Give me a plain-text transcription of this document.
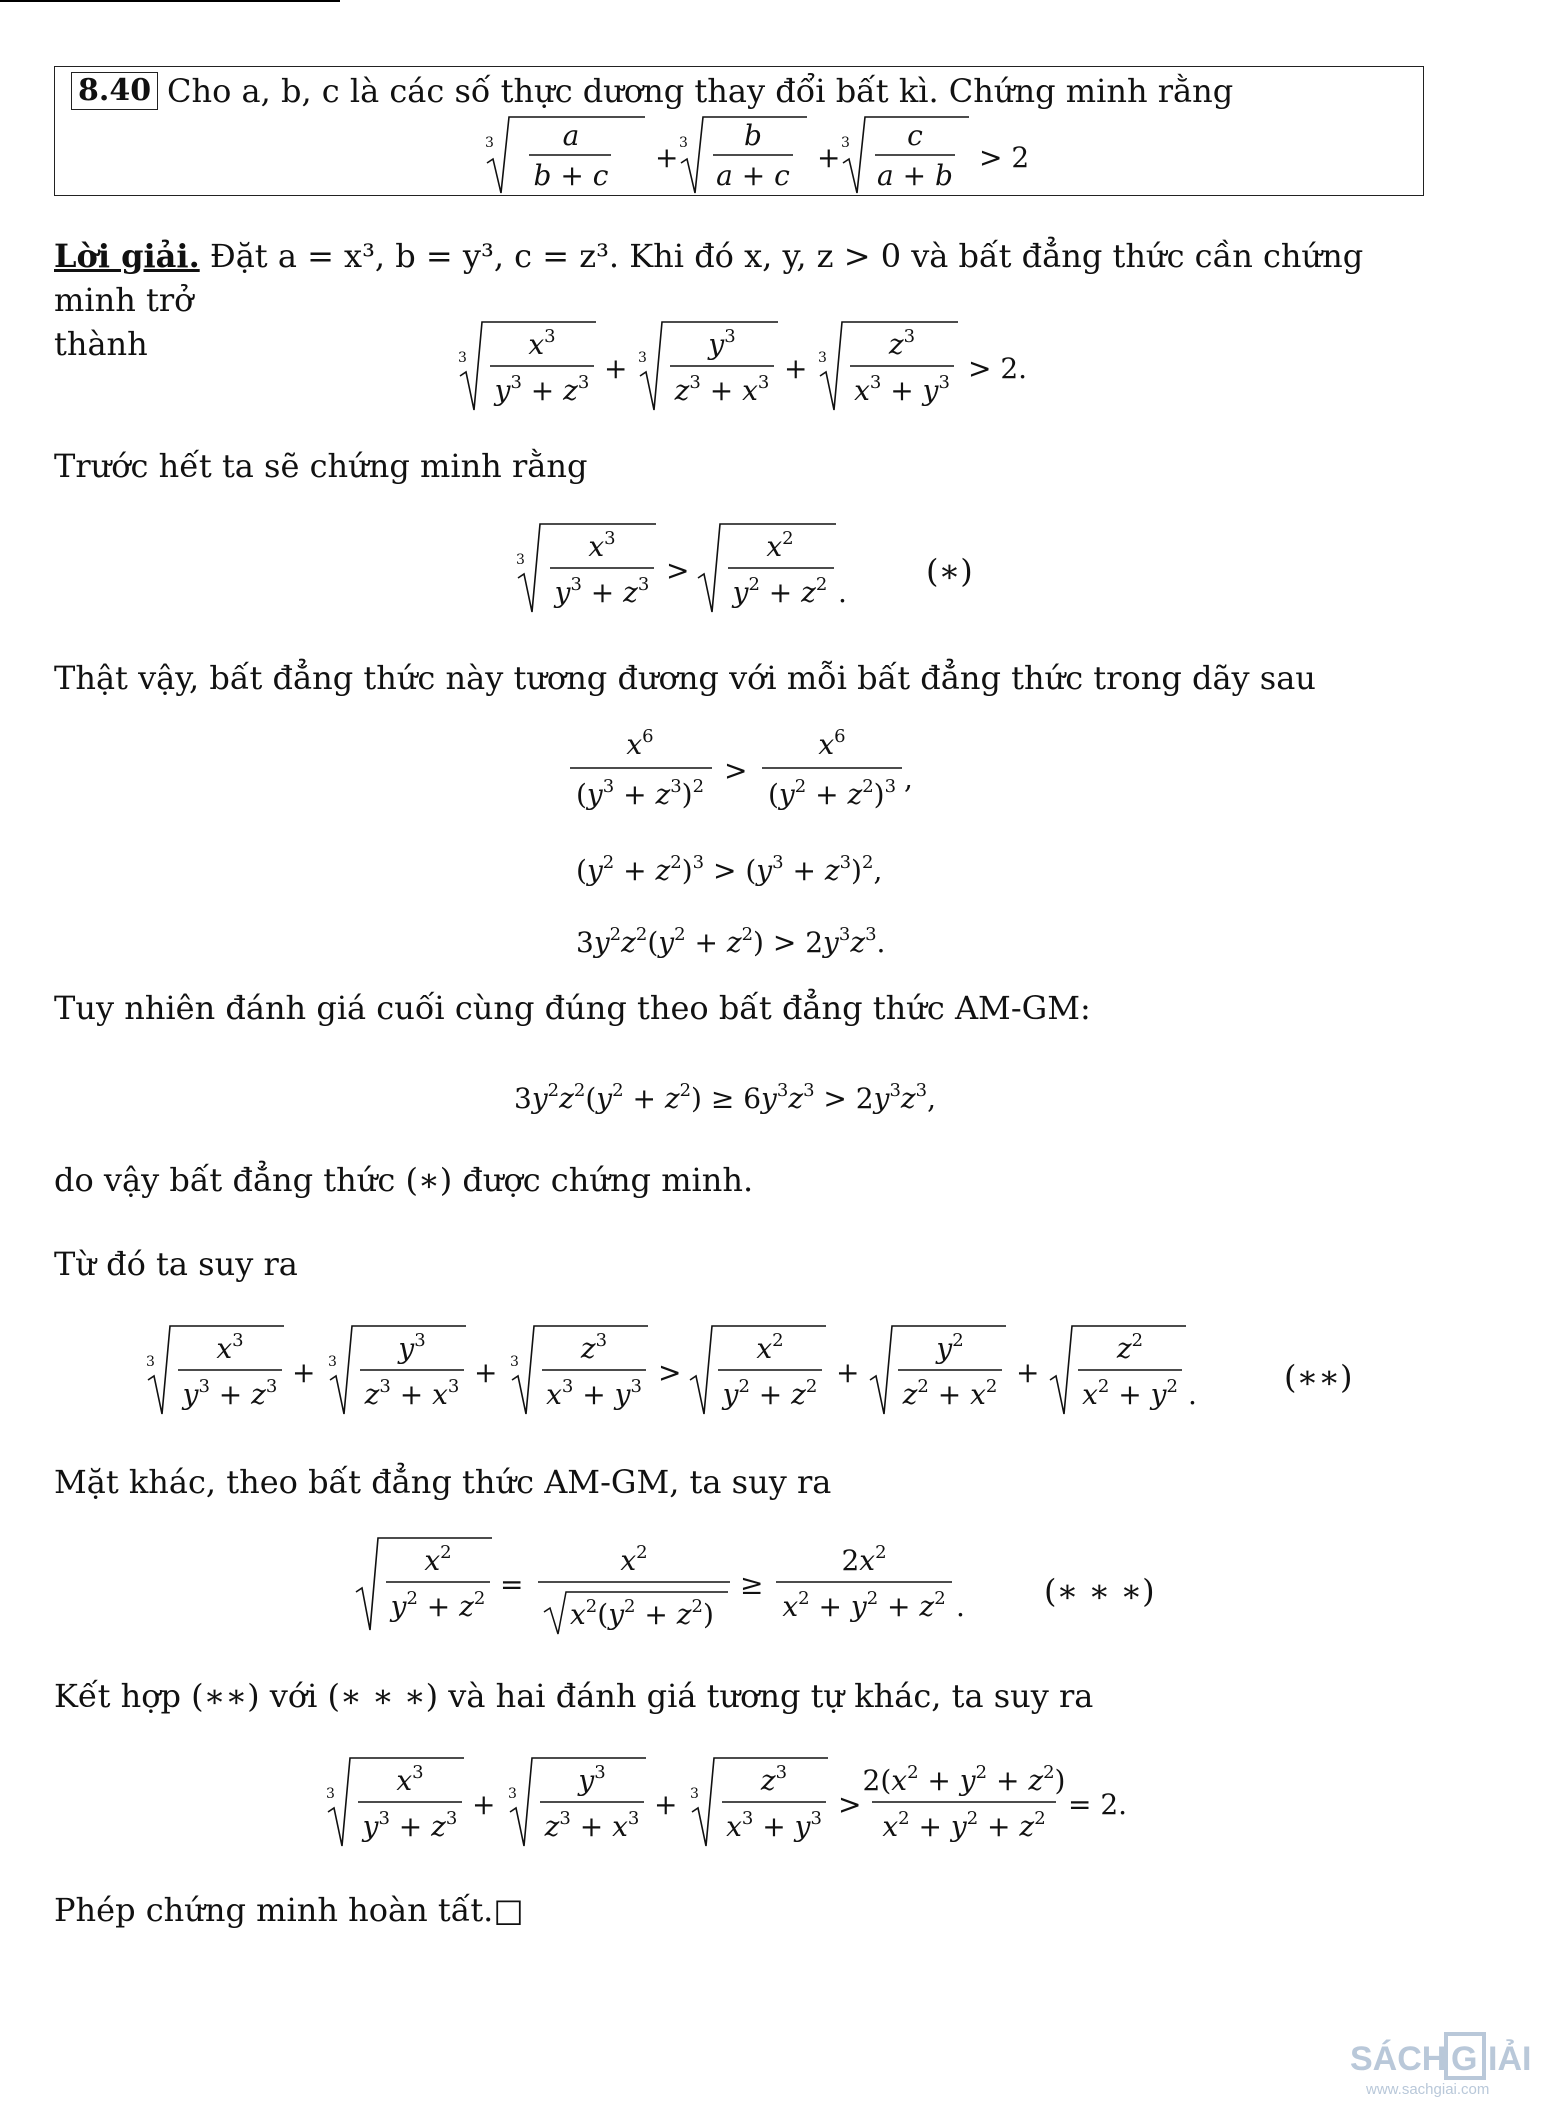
8.40 Cho a, b, c là các số thực dương thay đổi bất kì. Chứng minh rằng
3 a
b + c
+ 3 b
a + c
+ 3 c
a + b
> 2
Lời giải. Đặt a = x³, b = y³, c = z³. Khi đó x, y, z > 0 và bất đẳng thức cần chứng minh trở
thành	3 $x^3$
$y^3 + z^3 + 3$ $y^3$
$z^3 + x^3 + 3$ $z^3$
$x^3 + y^3 > 2$.
Trước hết ta sẽ chứng minh rằng
3 $x^3$
$y^3 + z^3$ >
$x^2$
$y^2 + z^2$ .
(∗)
Thật vậy, bất đẳng thức này tương đương với mỗi bất đẳng thức trong dãy sau
$x^6$
$(y^3 + z^3)^2$ >
$x^6$
$(y^2 + z^2)^3$ ,
$(y^2 + z^2)^3 > (y^3 + z^3)^2$,
$3y^2z^2(y^2 + z^2) > 2y^3z^3$.
Tuy nhiên đánh giá cuối cùng đúng theo bất đẳng thức AM-GM:
$3y^2z^2(y^2 + z^2) \ge 6y^3z^3 > 2y^3z^3$,
do vậy bất đẳng thức (∗) được chứng minh.
Từ đó ta suy ra
3 $x^3$
$y^3 + z^3 + 3$ $y^3$
$z^3 + x^3 + 3$ $z^3$
$x^3 + y^3$ >
$x^2$
$y^2 + z^2$ +
$y^2$
$z^2 + x^2$ +
$z^2$
$x^2 + y^2$ .	(∗∗)
Mặt khác, theo bất đẳng thức AM-GM, ta suy ra
$x^2$
$y^2 + z^2$ =
$x^2$
$x^2(y^2 + z^2)$
≥
$2x^2$
$x^2 + y^2 + z^2$ . (∗ ∗ ∗)
Kết hợp (∗∗) với (∗ ∗ ∗) và hai đánh giá tương tự khác, ta suy ra
3 $x^3$
$y^3 + z^3 + 3$ $y^3$
$z^3 + x^3 + 3$ $z^3$
$x^3 + y^3$ >
$2(x^2 + y^2 + z^2)$
$x^2 + y^2 + z^2 = 2$.
Phép chứng minh hoàn tất.□
SÁCH G IẢI
www.sachgiai.com
